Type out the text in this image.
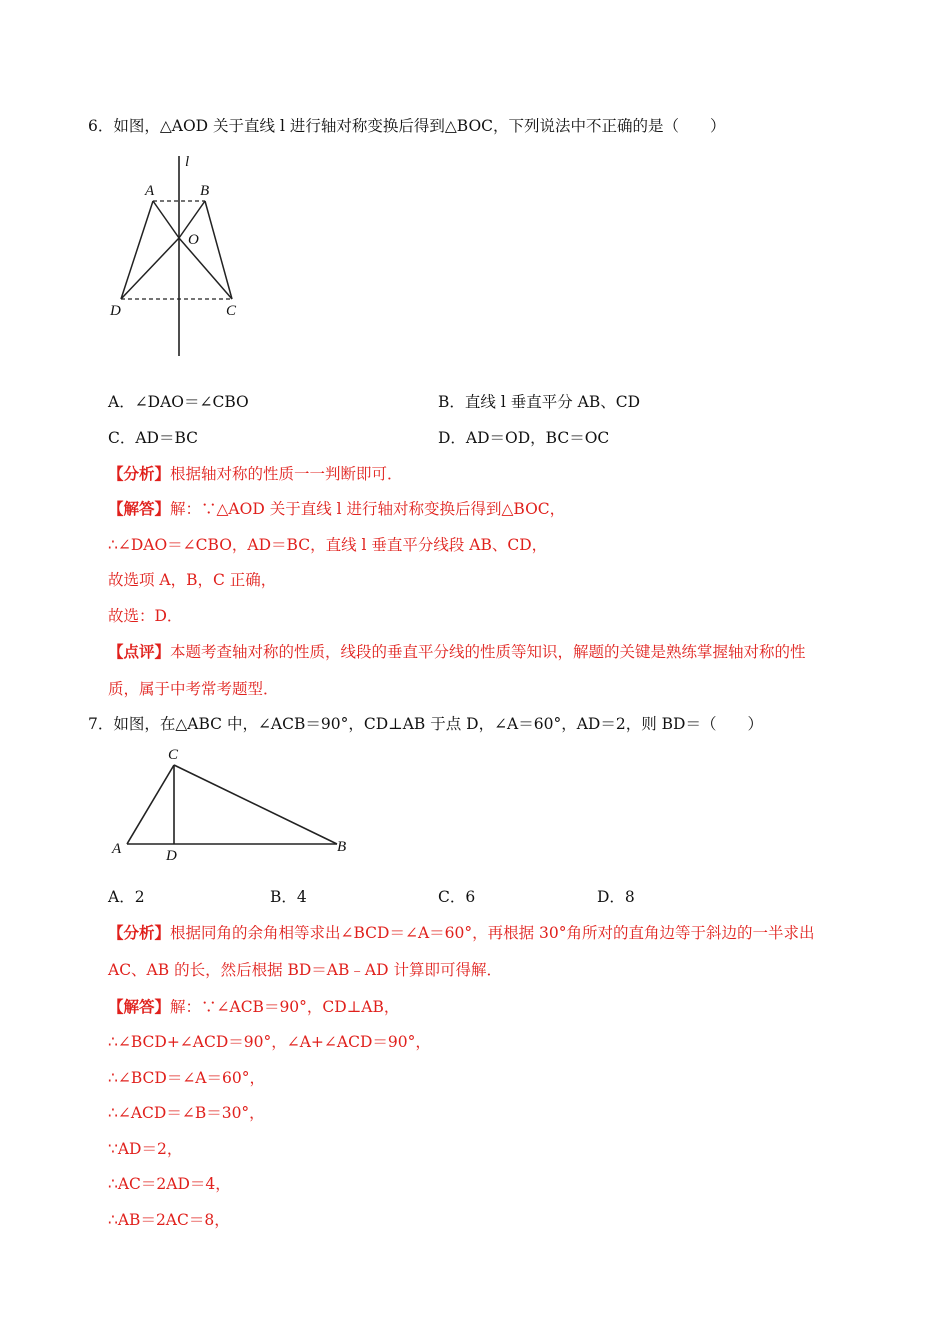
6．如图，△AOD 关于直线 l 进行轴对称变换后得到△BOC，下列说法中不正确的是（　　）
l
A	B
O
D	C
A．∠DAO＝∠CBO	B．直线 l 垂直平分 AB、CD
C．AD＝BC	D．AD＝OD，BC＝OC
【分析】根据轴对称的性质一一判断即可．
【解答】解：∵△AOD 关于直线 l 进行轴对称变换后得到△BOC，
∴∠DAO＝∠CBO，AD＝BC，直线 l 垂直平分线段 AB、CD，
故选项 A，B，C 正确，
故选：D．
【点评】本题考查轴对称的性质，线段的垂直平分线的性质等知识，解题的关键是熟练掌握轴对称的性
质，属于中考常考题型．
7．如图，在△ABC 中，∠ACB＝90°，CD⊥AB 于点 D，∠A＝60°，AD＝2，则 BD＝（　　）
C
A	D
B
A．2	B．4	C．6	D．8
【分析】根据同角的余角相等求出∠BCD＝∠A＝60°，再根据 30°角所对的直角边等于斜边的一半求出
AC、AB 的长，然后根据 BD＝AB﹣AD 计算即可得解．
【解答】解：∵∠ACB＝90°，CD⊥AB，
∴∠BCD+∠ACD＝90°，∠A+∠ACD＝90°，
∴∠BCD＝∠A＝60°，
∴∠ACD＝∠B＝30°，
∵AD＝2，
∴AC＝2AD＝4，
∴AB＝2AC＝8，
